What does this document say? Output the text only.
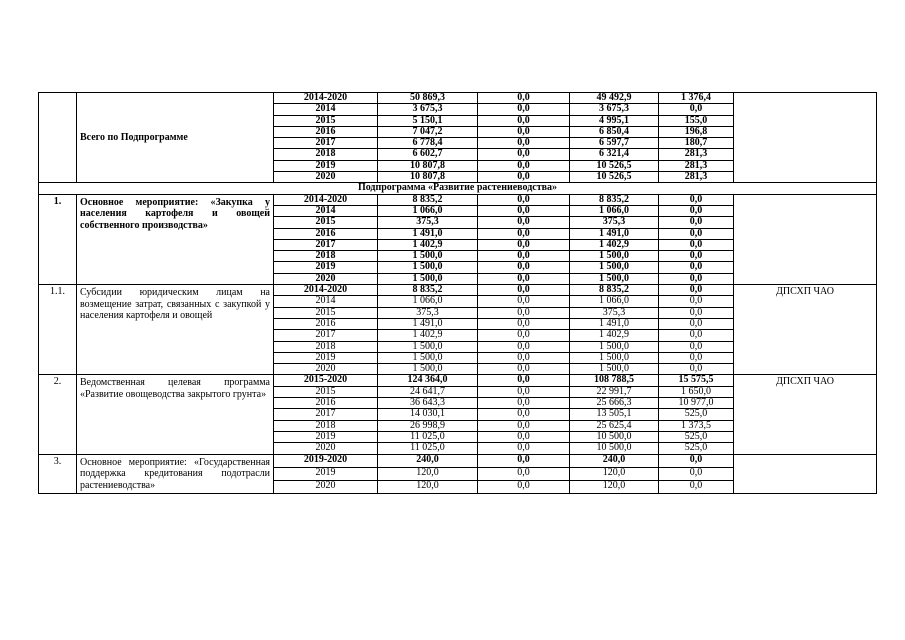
	Всего по Подпрограмме	2014-2020	50 869,3	0,0	49 492,9	1 376,4	
		2014	3 675,3	0,0	3 675,3	0,0	
		2015	5 150,1	0,0	4 995,1	155,0	
		2016	7 047,2	0,0	6 850,4	196,8	
		2017	6 778,4	0,0	6 597,7	180,7	
		2018	6 602,7	0,0	6 321,4	281,3	
		2019	10 807,8	0,0	10 526,5	281,3	
		2020	10 807,8	0,0	10 526,5	281,3	
Подпрограмма «Развитие растениеводства»							
1.	Основное мероприятие: «Закупка у населения картофеля и овощей собственного производства»	2014-2020	8 835,2	0,0	8 835,2	0,0	
		2014	1 066,0	0,0	1 066,0	0,0	
		2015	375,3	0,0	375,3	0,0	
		2016	1 491,0	0,0	1 491,0	0,0	
		2017	1 402,9	0,0	1 402,9	0,0	
		2018	1 500,0	0,0	1 500,0	0,0	
		2019	1 500,0	0,0	1 500,0	0,0	
		2020	1 500,0	0,0	1 500,0	0,0	
1.1.	Субсидии юридическим лицам на возмещение затрат, связанных с закупкой у населения картофеля и овощей	2014-2020	8 835,2	0,0	8 835,2	0,0	ДПСХП ЧАО
		2014	1 066,0	0,0	1 066,0	0,0	
		2015	375,3	0,0	375,3	0,0	
		2016	1 491,0	0,0	1 491,0	0,0	
		2017	1 402,9	0,0	1 402,9	0,0	
		2018	1 500,0	0,0	1 500,0	0,0	
		2019	1 500,0	0,0	1 500,0	0,0	
		2020	1 500,0	0,0	1 500,0	0,0	
2.	Ведомственная целевая программа «Развитие овощеводства закрытого грунта»	2015-2020	124 364,0	0,0	108 788,5	15 575,5	ДПСХП ЧАО
		2015	24 641,7	0,0	22 991,7	1 650,0	
		2016	36 643,3	0,0	25 666,3	10 977,0	
		2017	14 030,1	0,0	13 505,1	525,0	
		2018	26 998,9	0,0	25 625,4	1 373,5	
		2019	11 025,0	0,0	10 500,0	525,0	
		2020	11 025,0	0,0	10 500,0	525,0	
3.	Основное мероприятие: «Государственная поддержка кредитования подотрасли растениеводства»	2019-2020	240,0	0,0	240,0	0,0	
		2019	120,0	0,0	120,0	0,0	
		2020	120,0	0,0	120,0	0,0	
